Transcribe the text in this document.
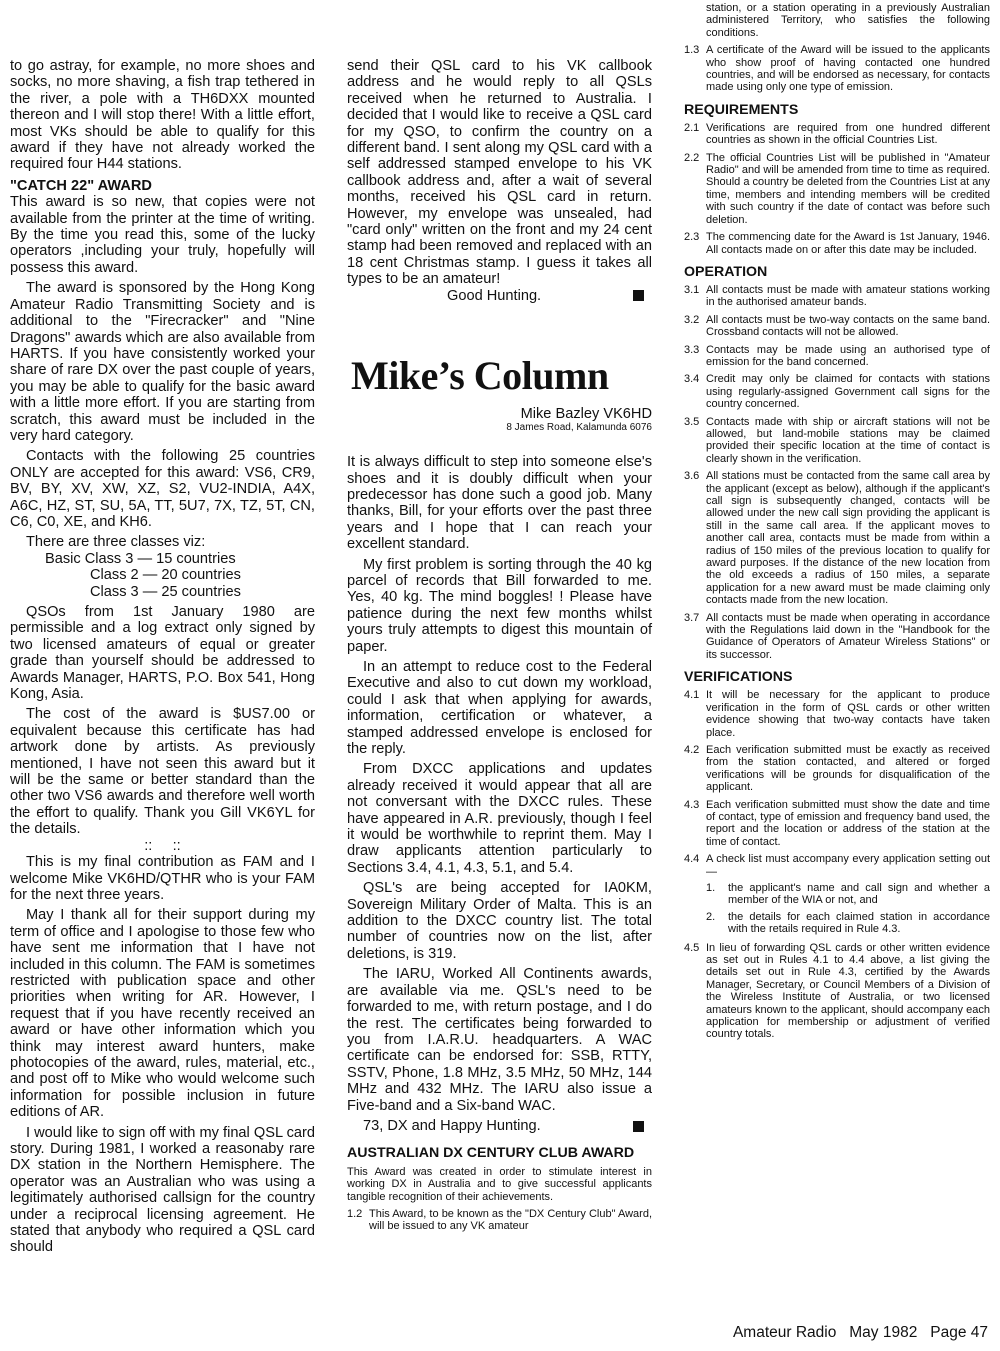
to go astray, for example, no more shoes and socks, no more shaving, a fish trap tethered in the river, a pole with a TH6DXX mounted thereon and I will stop there! With a little effort, most VKs should be able to qualify for this award if they have not already worked the required four H44 stations.
"CATCH 22" AWARD
This award is so new, that copies were not available from the printer at the time of writing. By the time you read this, some of the lucky operators ,including your truly, hopefully will possess this award.
The award is sponsored by the Hong Kong Amateur Radio Transmitting Society and is additional to the "Firecracker" and "Nine Dragons" awards which are also available from HARTS. If you have consistently worked your share of rare DX over the past couple of years, you may be able to qualify for the basic award with a little more effort. If you are starting from scratch, this award must be included in the very hard category.
Contacts with the following 25 countries ONLY are accepted for this award: VS6, CR9, BV, BY, XV, XW, XZ, S2, VU2-INDIA, A4X, A6C, HZ, ST, SU, 5A, TT, 5U7, 7X, TZ, 5T, CN, C6, C0, XE, and KH6.
There are three classes viz:
Basic Class 3 — 15 countries
Class 2 — 20 countries
Class 3 — 25 countries
QSOs from 1st January 1980 are permissible and a log extract only signed by two licensed amateurs of equal or greater grade than yourself should be addressed to Awards Manager, HARTS, P.O. Box 541, Hong Kong, Asia.
The cost of the award is $US7.00 or equivalent because this certificate has had artwork done by artists. As previously mentioned, I have not seen this award but it will be the same or better standard than the other two VS6 awards and therefore well worth the effort to qualify. Thank you Gill VK6YL for the details.
::     ::
This is my final contribution as FAM and I welcome Mike VK6HD/QTHR who is your FAM for the next three years.
May I thank all for their support during my term of office and I apologise to those few who have sent me information that I have not included in this column. The FAM is sometimes restricted with publication space and other priorities when writing for AR. However, I request that if you have recently received an award or have other information which you think may interest award hunters, make photocopies of the award, rules, material, etc., and post off to Mike who would welcome such information for possible inclusion in future editions of AR.
I would like to sign off with my final QSL card story. During 1981, I worked a reasonaby rare DX station in the Northern Hemisphere. The operator was an Australian who was using a legitimately authorised callsign for the country under a reciprocal licensing agreement. He stated that anybody who required a QSL card should
send their QSL card to his VK callbook address and he would reply to all QSLs received when he returned to Australia. I decided that I would like to receive a QSL card for my QSO, to confirm the country on a different band. I sent along my QSL card with a self addressed stamped envelope to his VK callbook address and, after a wait of several months, received his QSL card in return. However, my envelope was unsealed, had "card only" written on the front and my 24 cent stamp had been removed and replaced with an 18 cent Christmas stamp. I guess it takes all types to be an amateur!
Good Hunting.
Mike’s Column
Mike Bazley VK6HD
8 James Road, Kalamunda 6076
It is always difficult to step into someone else's shoes and it is doubly difficult when your predecessor has done such a good job. Many thanks, Bill, for your efforts over the past three years and I hope that I can reach your excellent standard.
My first problem is sorting through the 40 kg parcel of records that Bill forwarded to me. Yes, 40 kg. The mind boggles! ! Please have patience during the next few months whilst yours truly attempts to digest this mountain of paper.
In an attempt to reduce cost to the Federal Executive and also to cut down my workload, could I ask that when applying for awards, information, certification or whatever, a stamped addressed envelope is enclosed for the reply.
From DXCC applications and updates already received it would appear that all are not conversant with the DXCC rules. These have appeared in A.R. previously, though I feel it would be worthwhile to reprint them. May I draw applicants attention particularly to Sections 3.4, 4.1, 4.3, 5.1, and 5.4.
QSL's are being accepted for IA0KM, Sovereign Military Order of Malta. This is an addition to the DXCC country list. The total number of countries now on the list, after deletions, is 319.
The IARU, Worked All Continents awards, are available via me. QSL's need to be forwarded to me, with return postage, and I do the rest. The certificates being forwarded to you from I.A.R.U. headquarters. A WAC certificate can be endorsed for: SSB, RTTY, SSTV, Phone, 1.8 MHz, 3.5 MHz, 50 MHz, 144 MHz and 432 MHz. The IARU also issue a Five-band and a Six-band WAC.
73, DX and Happy Hunting.
AUSTRALIAN DX CENTURY CLUB AWARD
This Award was created in order to stimulate interest in working DX in Australia and to give successful applicants tangible recognition of their achievements.
1.2 This Award, to be known as the "DX Century Club" Award, will be issued to any VK amateur
station, or a station operating in a previously Australian administered Territory, who satisfies the following conditions.
1.3 A certificate of the Award will be issued to the applicants who show proof of having contacted one hundred countries, and will be endorsed as necessary, for contacts made using only one type of emission.
REQUIREMENTS
2.1 Verifications are required from one hundred different countries as shown in the official Countries List.
2.2 The official Countries List will be published in "Amateur Radio" and will be amended from time to time as required. Should a country be deleted from the Countries List at any time, members and intending members will be credited with such country if the date of contact was before such deletion.
2.3 The commencing date for the Award is 1st January, 1946. All contacts made on or after this date may be included.
OPERATION
3.1 All contacts must be made with amateur stations working in the authorised amateur bands.
3.2 All contacts must be two-way contacts on the same band. Crossband contacts will not be allowed.
3.3 Contacts may be made using an authorised type of emission for the band concerned.
3.4 Credit may only be claimed for contacts with stations using regularly-assigned Government call signs for the country concerned.
3.5 Contacts made with ship or aircraft stations will not be allowed, but land-mobile stations may be claimed provided their specific location at the time of contact is clearly shown in the verification.
3.6 All stations must be contacted from the same call area by the applicant (except as below), although if the applicant's call sign is subsequently changed, contacts will be allowed under the new call sign providing the applicant is still in the same call area. If the applicant moves to another call area, contacts must be made from within a radius of 150 miles of the previous location to qualify for award purposes. If the distance of the new location from the old exceeds a radius of 150 miles, a separate application for a new award must be made claiming only contacts made from the new location.
3.7 All contacts must be made when operating in accordance with the Regulations laid down in the "Handbook for the Guidance of Operators of Amateur Wireless Stations" or its successor.
VERIFICATIONS
4.1 It will be necessary for the applicant to produce verification in the form of QSL cards or other written evidence showing that two-way contacts have taken place.
4.2 Each verification submitted must be exactly as received from the station contacted, and altered or forged verifications will be grounds for disqualification of the applicant.
4.3 Each verification submitted must show the date and time of contact, type of emission and frequency band used, the report and the location or address of the station at the time of contact.
4.4 A check list must accompany every application setting out —
1.	the applicant's name and call sign and whether a member of the WIA or not, and
2.	the details for each claimed station in accordance with the retails required in Rule 4.3.
4.5 In lieu of forwarding QSL cards or other written evidence as set out in Rules 4.1 to 4.4 above, a list giving the details set out in Rule 4.3, certified by the Awards Manager, Secretary, or Council Members of a Division of the Wireless Institute of Australia, or two licensed amateurs known to the applicant, should accompany each application for membership or adjustment of verified country totals.
Amateur Radio   May 1982   Page 47
